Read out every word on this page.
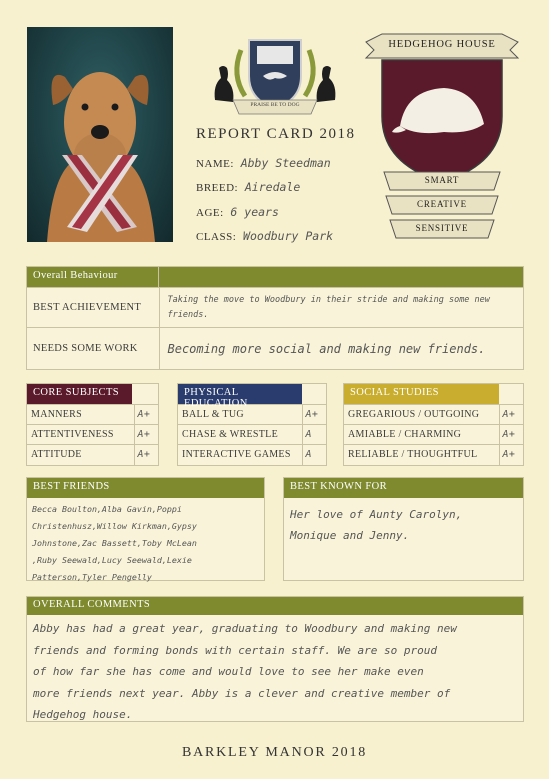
PRAISE BE TO DOG
HEDGEHOG HOUSE
SMART
CREATIVE
SENSITIVE
REPORT CARD 2018
NAME: Abby Steedman
BREED: Airedale
AGE: 6 years
CLASS: Woodbury Park
Overall Behaviour
BEST ACHIEVEMENT	Taking the move to Woodbury in their stride and making some new friends.
NEEDS SOME WORK	Becoming more social and making new friends.
CORE SUBJECTS
MANNERS	A+
ATTENTIVENESS	A+
ATTITUDE	A+
PHYSICAL EDUCATION
BALL & TUG	A+
CHASE & WRESTLE	A
INTERACTIVE GAMES	A
SOCIAL STUDIES
GREGARIOUS / OUTGOING	A+
AMIABLE / CHARMING	A+
RELIABLE / THOUGHTFUL	A+
BEST FRIENDS
Becca Boulton,Alba Gavin,Poppi
Christenhusz,Willow Kirkman,Gypsy
Johnstone,Zac Bassett,Toby McLean
,Ruby Seewald,Lucy Seewald,Lexie
Patterson,Tyler Pengelly
BEST KNOWN FOR
Her love of Aunty Carolyn,
Monique and Jenny.
OVERALL COMMENTS
Abby has had a great year, graduating to Woodbury and making new
friends and forming bonds with certain staff. We are so proud
of how far she has come and would love to see her make even
more friends next year. Abby is a clever and creative member of
Hedgehog house.
BARKLEY MANOR 2018
